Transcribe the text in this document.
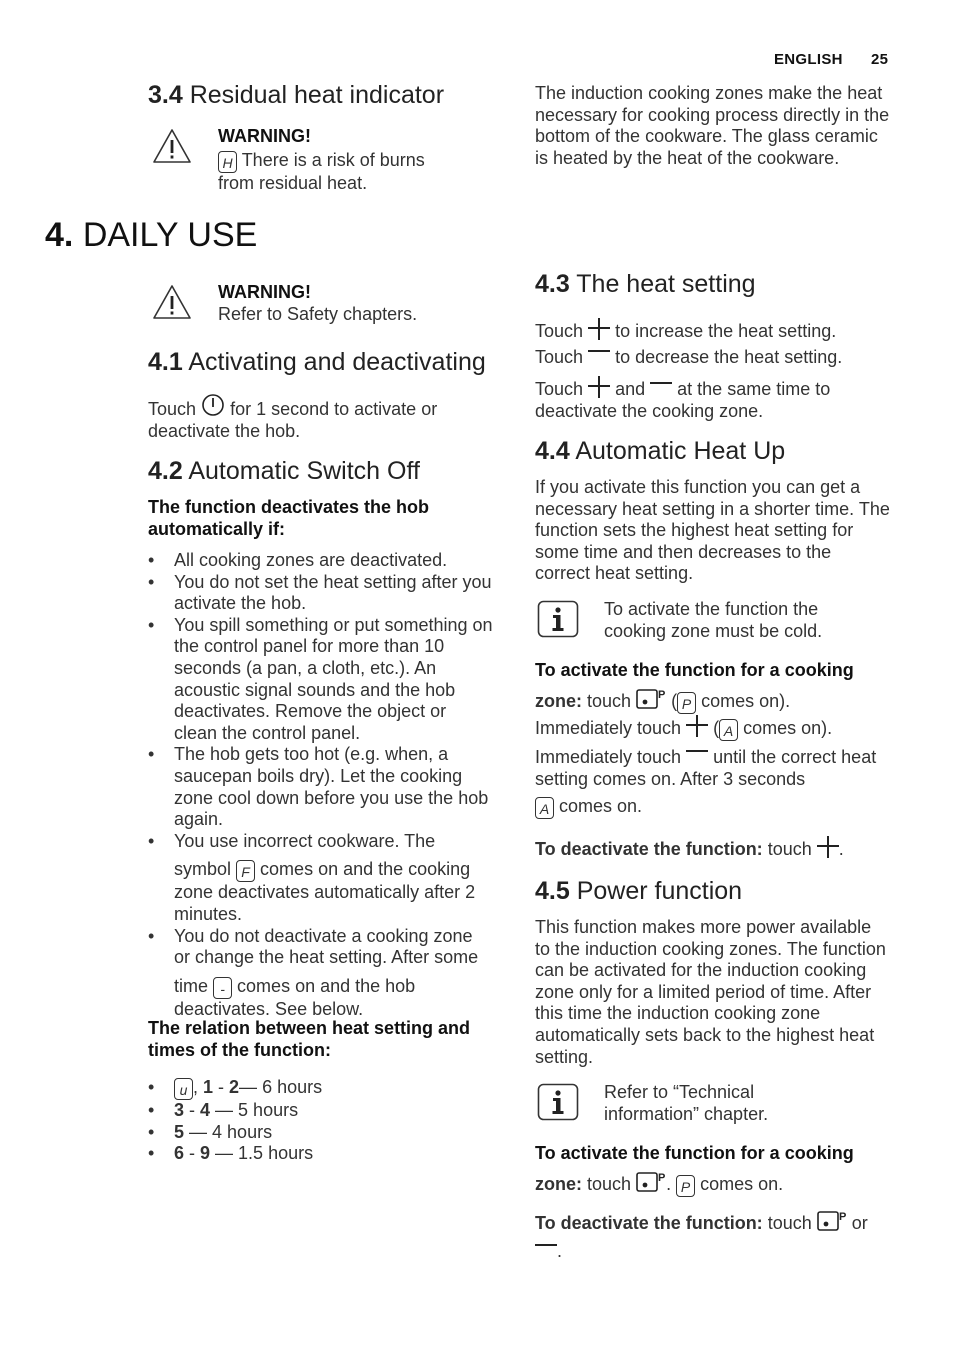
ENGLISH 25
3.4 Residual heat indicator
WARNING!
H There is a risk of burns from residual heat.
The induction cooking zones make the heat necessary for cooking process directly in the bottom of the cookware. The glass ceramic is heated by the heat of the cookware.
4. DAILY USE
WARNING!
Refer to Safety chapters.
4.1 Activating and deactivating
Touch for 1 second to activate or
deactivate the hob.
4.2 Automatic Switch Off
The function deactivates the hob automatically if:
• All cooking zones are deactivated.
• You do not set the heat setting after you activate the hob.
• You spill something or put something on the control panel for more than 10 seconds (a pan, a cloth, etc.). An acoustic signal sounds and the hob deactivates. Remove the object or clean the control panel.
• The hob gets too hot (e.g. when, a saucepan boils dry). Let the cooking zone cool down before you use the hob again.
• You use incorrect cookware. The
symbol F comes on and the cooking zone deactivates automatically after 2 minutes.
• You do not deactivate a cooking zone or change the heat setting. After some
time - comes on and the hob deactivates. See below.
The relation between heat setting and times of the function:
• u , 1 - 2— 6 hours
• 3 - 4 — 5 hours
• 5 — 4 hours
• 6 - 9 — 1.5 hours
4.3 The heat setting
Touch to increase the heat setting.
Touch to decrease the heat setting.
Touch and at the same time to
deactivate the cooking zone.
4.4 Automatic Heat Up
If you activate this function you can get a necessary heat setting in a shorter time. The function sets the highest heat setting for some time and then decreases to the correct heat setting.
To activate the function the cooking zone must be cold.
To activate the function for a cooking
zone: touch P ( P comes on).
Immediately touch  ( A comes on).
Immediately touch until the correct heat setting comes on. After 3 seconds
A comes on.
To deactivate the function: touch .
4.5 Power function
This function makes more power available to the induction cooking zones. The function can be activated for the induction cooking zone only for a limited period of time. After this time the induction cooking zone automatically sets back to the highest heat setting.
Refer to “Technical information” chapter.
To activate the function for a cooking
zone: touch P . P comes on.
To deactivate the function: touch P or
.
